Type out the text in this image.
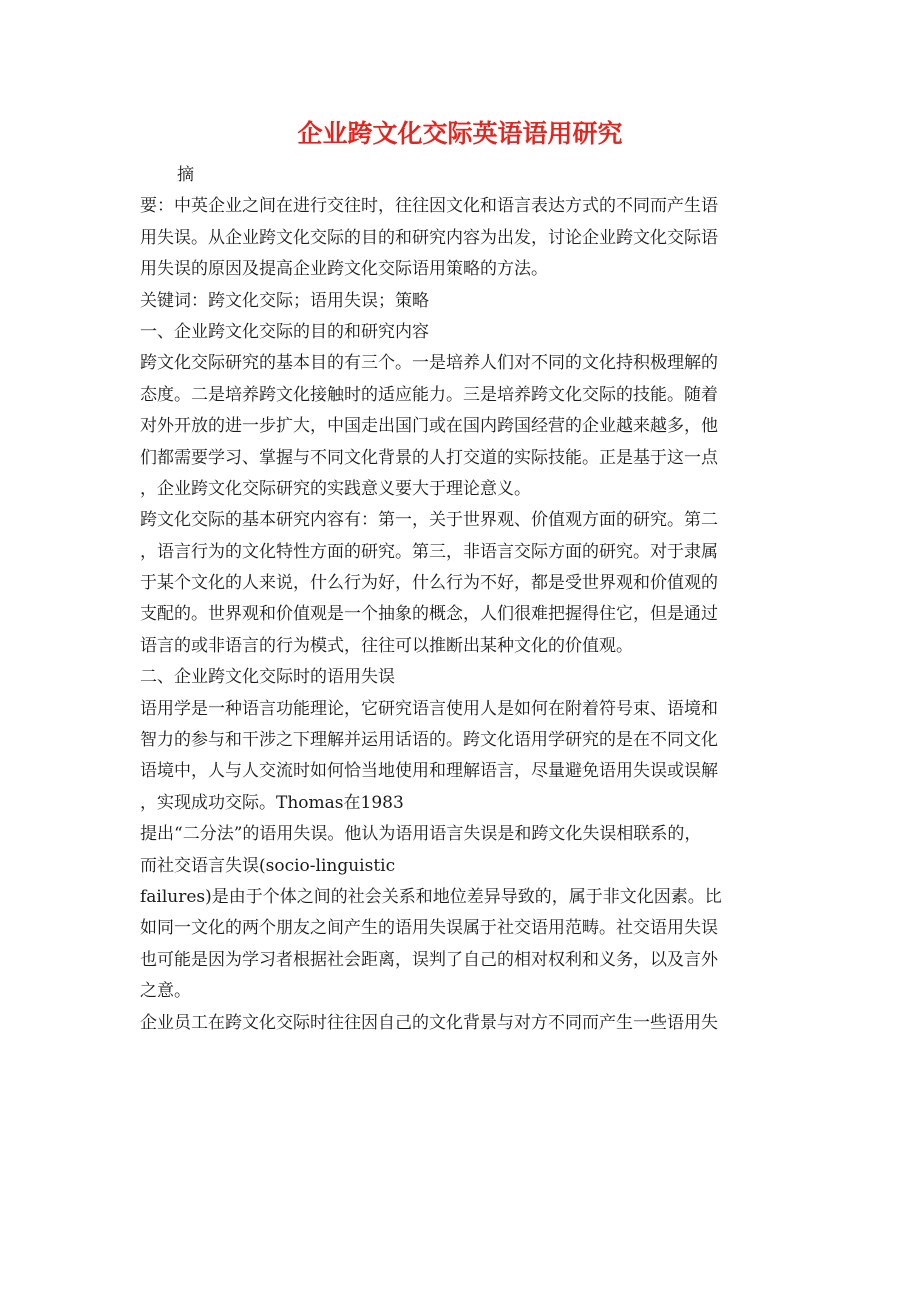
企业跨文化交际英语语用研究
摘
要：中英企业之间在进行交往时，往往因文化和语言表达方式的不同而产生语
用失误。从企业跨文化交际的目的和研究内容为出发，讨论企业跨文化交际语
用失误的原因及提高企业跨文化交际语用策略的方法。
关键词：跨文化交际；语用失误；策略
一、企业跨文化交际的目的和研究内容
跨文化交际研究的基本目的有三个。一是培养人们对不同的文化持积极理解的
态度。二是培养跨文化接触时的适应能力。三是培养跨文化交际的技能。随着
对外开放的进一步扩大，中国走出国门或在国内跨国经营的企业越来越多，他
们都需要学习、掌握与不同文化背景的人打交道的实际技能。正是基于这一点
，企业跨文化交际研究的实践意义要大于理论意义。
跨文化交际的基本研究内容有：第一，关于世界观、价值观方面的研究。第二
，语言行为的文化特性方面的研究。第三，非语言交际方面的研究。对于隶属
于某个文化的人来说，什么行为好，什么行为不好，都是受世界观和价值观的
支配的。世界观和价值观是一个抽象的概念，人们很难把握得住它，但是通过
语言的或非语言的行为模式，往往可以推断出某种文化的价值观。
二、企业跨文化交际时的语用失误
语用学是一种语言功能理论，它研究语言使用人是如何在附着符号束、语境和
智力的参与和干涉之下理解并运用话语的。跨文化语用学研究的是在不同文化
语境中，人与人交流时如何恰当地使用和理解语言，尽量避免语用失误或误解
，实现成功交际。Thomas在1983
提出“二分法”的语用失误。他认为语用语言失误是和跨文化失误相联系的，
而社交语言失误(socio-linguistic
failures)是由于个体之间的社会关系和地位差异导致的，属于非文化因素。比
如同一文化的两个朋友之间产生的语用失误属于社交语用范畴。社交语用失误
也可能是因为学习者根据社会距离，误判了自己的相对权利和义务，以及言外
之意。
企业员工在跨文化交际时往往因自己的文化背景与对方不同而产生一些语用失
